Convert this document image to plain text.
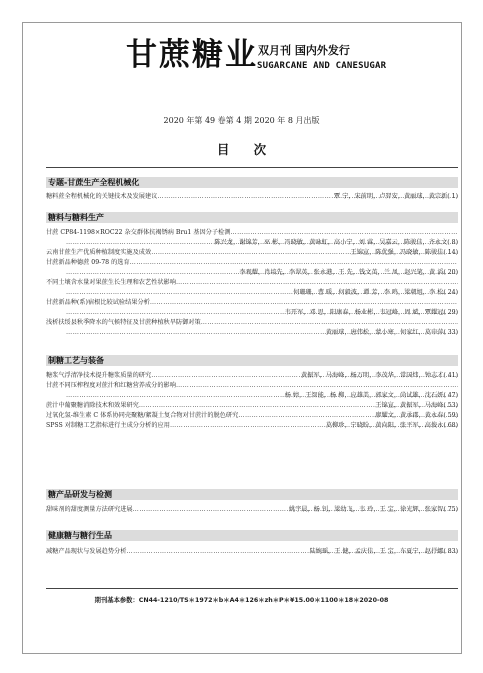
甘蔗糖业 双月刊 国内外发行
SUGARCANE AND CANESUGAR
2020 年第 49 卷第 4 期 2020 年 8 月出版
目 次
专题-甘蔗生产全程机械化
糖料蔗全程机械化的关键技术及发展建议	( 1)
覃 宁，宋前明，卢羿安，黄丽球，黄宗新
……………………………………………………………………………………………………………………………………………………………………………………………………
糖料与糖料生产
甘蔗 CP84-1198×ROC22 杂交群体抗褐锈病 Bru1 基因分子检测
……………………………………………………………………………………………………………………………………………………………………………………………………
( 8)
陈兴龙，谢锦芳，巫 彬，冯晓敏，黄咏虹，高小宁，刘 睿，吴嘉云，陈骏佳，齐永文
……………………………………………………………………………………………………………………………………………………………………………………………………
云南甘蔗生产优质种植制度实施及成效	( 14)
王锦宣，陈优强，冯晓敏，陈骏佳
……………………………………………………………………………………………………………………………………………………………………………………………………
甘蔗新品种德蔗 09-78 的选育
……………………………………………………………………………………………………………………………………………………………………………………………………
( 20)
李观耀，肖培先，李翠英，张永港，王 先，钱文英，兰 凤，赵兴笔，黄 滔
……………………………………………………………………………………………………………………………………………………………………………………………………
不同土壤含水量对果蔗生长生理和农艺性状影响
……………………………………………………………………………………………………………………………………………………………………………………………………
( 24)
何珊珊，曹 暖，何毅波，谭 芳，李 鸣，梁朝旭，李 松
……………………………………………………………………………………………………………………………………………………………………………………………………
甘蔗新品种(系)宿根比较试验结果分析
……………………………………………………………………………………………………………………………………………………………………………………………………
( 29)
韦开军，邓 思，阳康春，杨业彬，韦冠峰，周 斌，覃耀冠
……………………………………………………………………………………………………………………………………………………………………………………………………
浅析扶绥县秋季降水的气候特征及甘蔗种植秋旱防御对策
……………………………………………………………………………………………………………………………………………………………………………………………………
( 33)
黄丽球，唐伟松，蒙小寒，何家红，莫申萍
……………………………………………………………………………………………………………………………………………………………………………………………………
制糖工艺与装备
糖浆气浮清净技术提升糖浆质量的研究	( 41)
黄振军，马海峰，杨万明，李茂华，常国炜，钟志才
……………………………………………………………………………………………………………………………………………………………………………………………………
甘蔗不同压榨程度对蔗汁和红糖营养成分的影响
……………………………………………………………………………………………………………………………………………………………………………………………………
( 47)
杨 婷，王智能，杨 柳，应雄美，郭家文，尚试雄，沈石妍
……………………………………………………………………………………………………………………………………………………………………………………………………
蔗汁中葡聚糖消除技术和效果研究	( 53)
王锦宣，黄振军，马海峰
……………………………………………………………………………………………………………………………………………………………………………………………………
过氧化氢-维生素 C 体系协同壳聚糖/絮凝土复合物对甘蔗汁的脱色研究	( 59)
廖耀文，黄承郡，黄永春
……………………………………………………………………………………………………………………………………………………………………………………………………
SPSS 对制糖工艺指标进行主成分分析的应用	( 68)
莫柳珍，宁晓盼，黄向阳，张平军，高俊永
……………………………………………………………………………………………………………………………………………………………………………………………………
糖产品研发与检测
甜味剂的甜度测量方法研究进展	( 75)
姚宇晨，杨 钊，梁幼飞，韦 玲，王 宝，徐光辉，张家智
……………………………………………………………………………………………………………………………………………………………………………………………………
健康糖与糖行生品
减糖产品现状与发展趋势分析	( 83)
陆婉瑶，王 健，孟庆佳，王 宝，车夏宁，赵抒娜
……………………………………………………………………………………………………………………………………………………………………………………………………
期刊基本参数：CN44-1210/TS＊1972＊b＊A4＊126＊zh＊P＊¥15.00＊1100＊18＊2020-08
